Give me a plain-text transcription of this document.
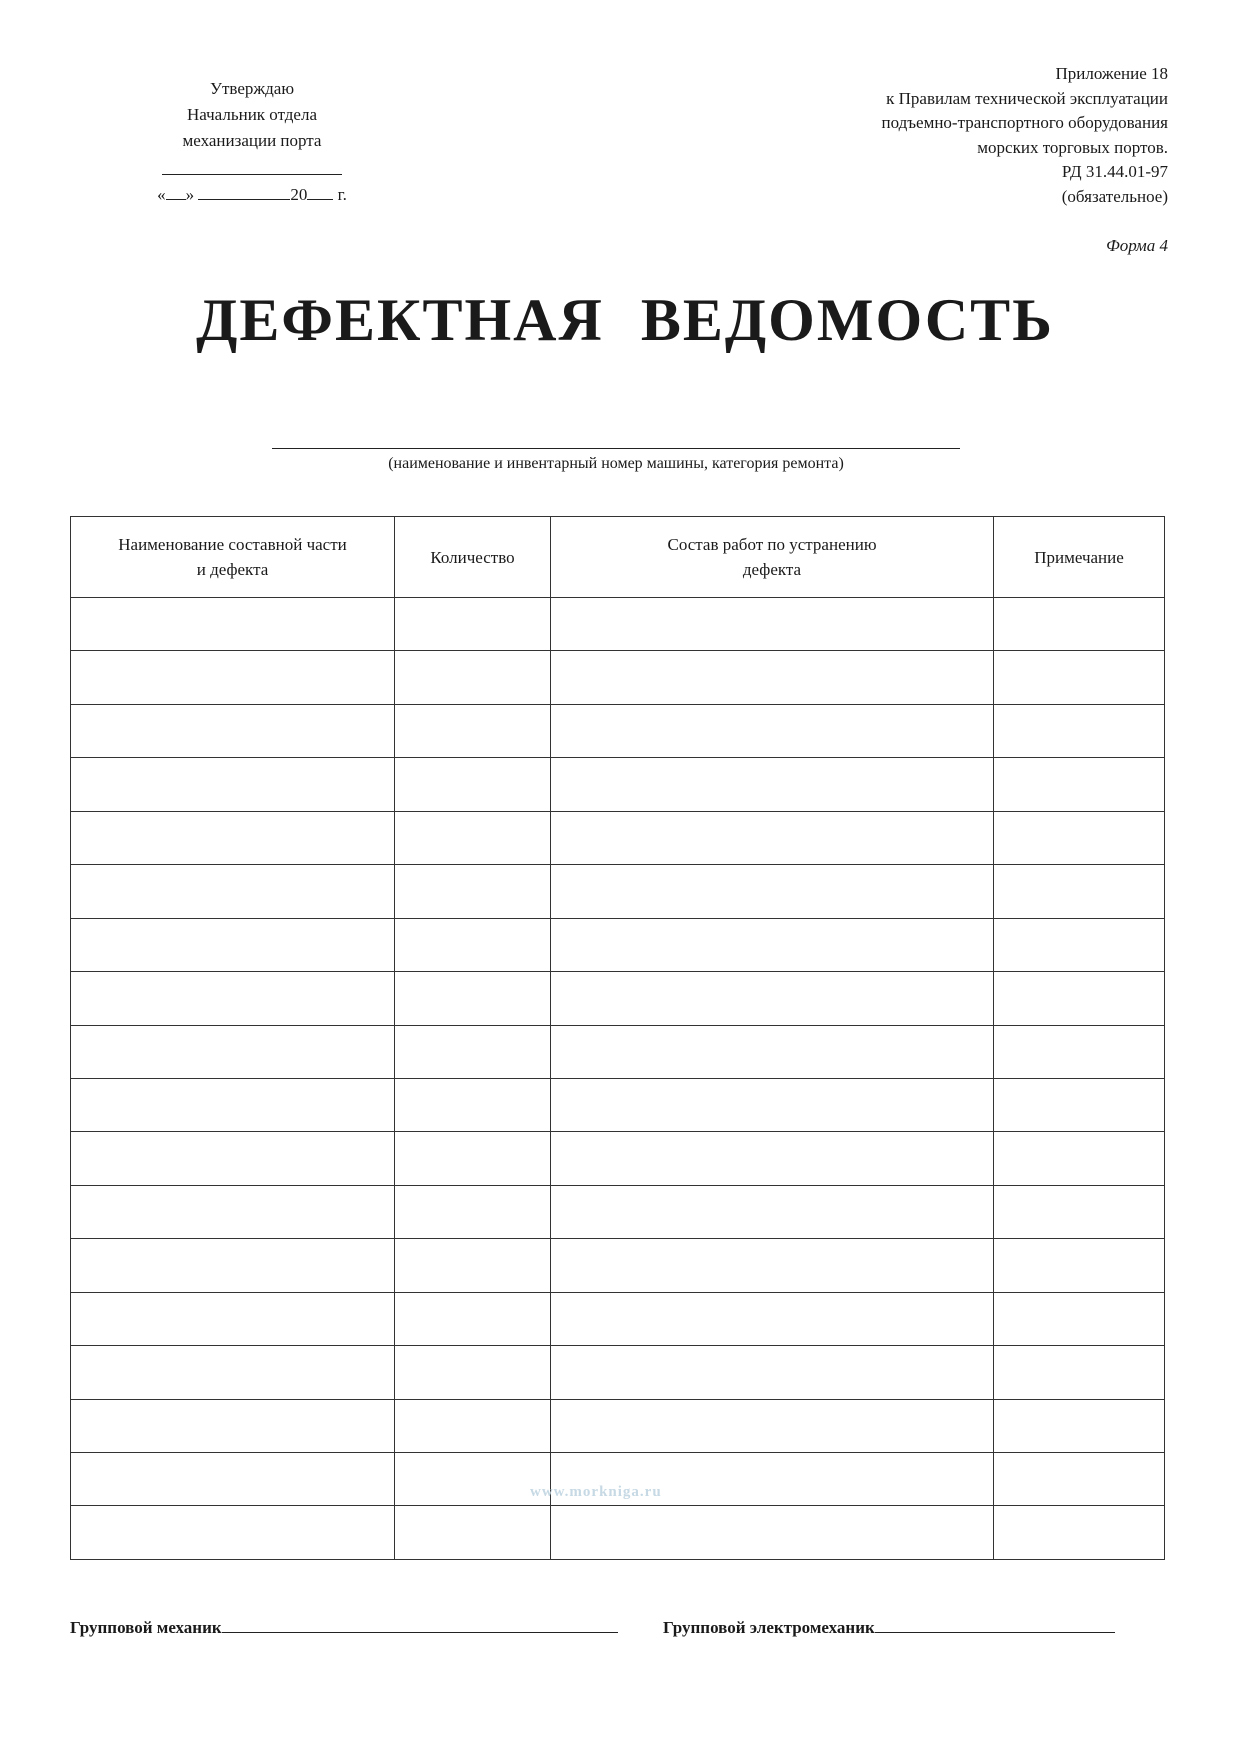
Утверждаю
Начальник отдела
механизации порта
« »	20 г.
Приложение 18
к Правилам технической эксплуатации
подъемно-транспортного оборудования
морских торговых портов.
РД 31.44.01-97
(обязательное)
Форма 4
ДЕФЕКТНАЯ ВЕДОМОСТЬ
(наименование и инвентарный номер машины, категория ремонта)
Наименование составной части и дефекта	Количество	Состав работ по устранению дефекта	Примечание

www.morkniga.ru
Групповой механик	Групповой электромеханик
